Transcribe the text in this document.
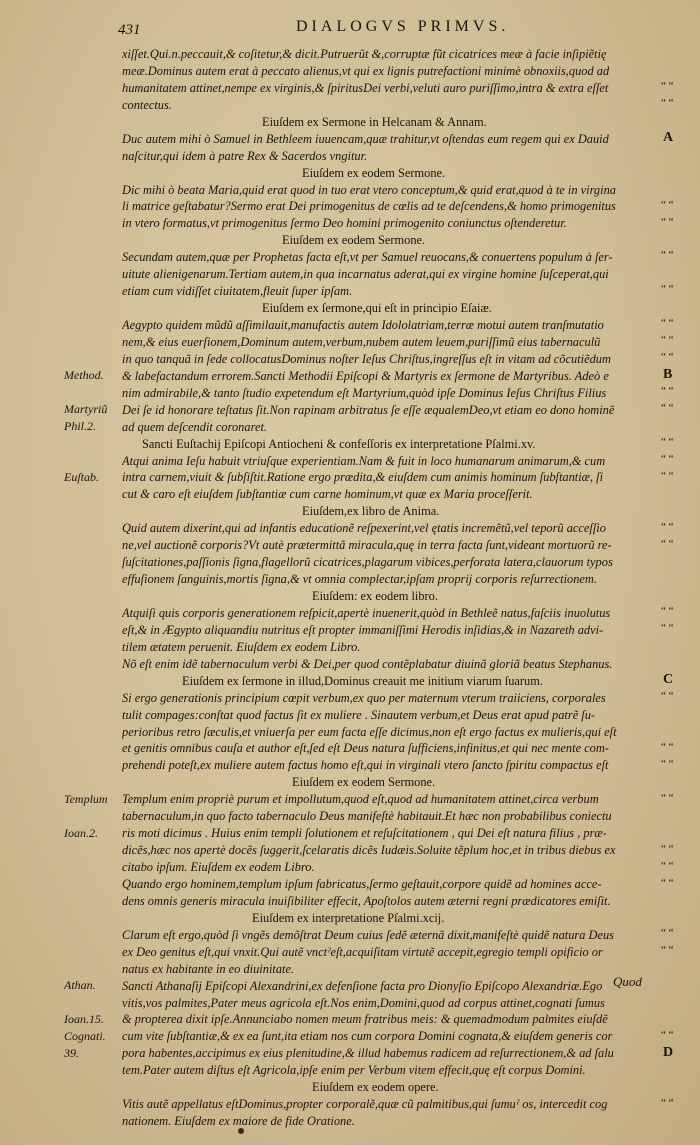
431	DIALOGVS PRIMVS.
xiſſet.Qui.n.peccauit,& coſitetur,& dicit.Putruerũt &,corruptæ fũt cicatrices meæ à facie inſipiẽtię
meæ.Dominus autem erat à peccato alienus,vt qui ex lignis putrefactioni minimè obnoxiis,quod ad
humanitatem attinet,nempe ex virginis,& ſpiritusDei verbi,veluti auro puriſſimo,intra & extra eſſet
contectus.
Eiuſdem ex Sermone in Helcanam & Annam.
Duc autem mihi ò Samuel in Bethleem iuuencam,quæ trahitur,vt oſtendas eum regem qui ex Dauid
naſcitur,qui idem à patre Rex & Sacerdos vngitur.
Eiuſdem ex eodem Sermone.
Dic mihi ò beata Maria,quid erat quod in tuo erat vtero conceptum,& quid erat,quod à te in virgina
li matrice geſtabatur?Sermo erat Dei primogenitus de cœlis ad te deſcendens,& homo primogenitus
in vtero formatus,vt primogenitus ſermo Deo homini primogenito coniunctus oſtenderetur.
Eiuſdem ex eodem Sermone.
Secundam autem,quæ per Prophetas facta eſt,vt per Samuel reuocans,& conuertens populum à ſer-
uitute alienigenarum.Tertiam autem,in qua incarnatus aderat,qui ex virgine homine ſuſceperat,qui
etiam cum vidiſſet ciuitatem,fleuit ſuper ipſam.
Eiuſdem ex ſermone,qui eſt in principio Eſaiæ.
Aegypto quidem mũdũ aſſimilauit,manufactis autem Idololatriam,terræ motui autem tranſmutatio
nem,& eius euerſionem,Dominum autem,verbum,nubem autem leuem,puriſſimũ eius tabernaculũ
in quo tanquã in ſede collocatusDominus noſter Ieſus Chriſtus,ingreſſus eſt in vitam ad cõcutiẽdum
& labefactandum errorem.Sancti Methodii Epiſcopi & Martyris ex ſermone de Martyribus. Adeò e
nim admirabile,& tanto ſtudio expetendum eſt Martyrium,quòd ipſe Dominus Ieſus Chriſtus Filius
Dei ſe id honorare teſtatus ſit.Non rapinam arbitratus ſe eſſe æqualemDeo,vt etiam eo dono hominẽ
ad quem deſcendit coronaret.
Sancti Euſtachij Epiſcopi Antiocheni & confeſſoris ex interpretatione Pſalmi.xv.
Atqui anima Ieſu habuit vtriuſque experientiam.Nam & fuit in loco humanarum animarum,& cum
intra carnem,viuit & ſubſiſtit.Ratione ergo prædita,& eiuſdem cum animis hominum ſubſtantiæ, ſi
cut & caro eſt eiuſdem ſubſtantiæ cum carne hominum,vt quæ ex Maria proceſſerit.
Eiuſdem,ex libro de Anima.
Quid autem dixerint,qui ad infantis educationẽ reſpexerint,vel ętatis incremẽtũ,vel teporũ acceſſio
ne,vel auctionẽ corporis?Vt autè prætermittã miracula,quę in terra facta ſunt,videant mortuorũ re-
ſuſcitationes,paſſionis ſigna,flagellorũ cicatrices,plagarum vibices,perforata latera,clauorum typos
effuſionem ſanguinis,mortis ſigna,& vt omnia complectar,ipſam proprij corporis reſurrectionem.
Eiuſdem: ex eodem libro.
Atquiſi quis corporis generationem reſpicit,apertè inuenerit,quòd in Bethleẽ natus,faſciis inuolutus
eſt,& in Ægypto aliquandiu nutritus eſt propter immaniſſimi Herodis inſidias,& in Nazareth advi-
tilem ætatem peruenit. Eiuſdem ex eodem Libro.
Nõ eſt enim idẽ tabernaculum verbi & Dei,per quod contẽplabatur diuinã gloriã beatus Stephanus.
Eiuſdem ex ſermone in illud,Dominus creauit me initium viarum ſuarum.
Si ergo generationis principium cœpit verbum,ex quo per maternum vterum traiiciens, corporales
tulit compages:conſtat quod factus ſit ex muliere . Sinautem verbum,et Deus erat apud patrẽ ſu-
perioribus retro ſæculis,et vniuerſa per eum facta eſſe dicimus,non eſt ergo factus ex mulieris,qui eſt
et genitis omnibus cauſa et author eſt,ſed eſt Deus natura ſufficiens,infinitus,et qui nec mente com-
prehendi poteſt,ex muliere autem factus homo eſt,qui in virginali vtero ſancto ſpiritu compactus eſt
Eiuſdem ex eodem Sermone.
Templum enim propriè purum et impollutum,quod eſt,quod ad humanitatem attinet,circa verbum
tabernaculum,in quo facto tabernaculo Deus manifeſtè habitauit.Et hæc non probabilibus coniectu
ris moti dicimus . Huius enim templi ſolutionem et reſuſcitationem , qui Dei eſt natura filius , præ-
dicẽs,hæc nos apertè docẽs ſuggerit,ſcelaratis dicẽs Iudæis.Soluite tẽplum hoc,et in tribus diebus ex
citabo ipſum. Eiuſdem ex eodem Libro.
Quando ergo hominem,templum ipſum fabricatus,ſermo geſtauit,corpore quidẽ ad homines acce-
dens omnis generis miracula inuiſibiliter effecit, Apoſtolos autem æterni regni prædicatores emiſit.
Eiuſdem ex interpretatione Pſalmi.xcij.
Clarum eſt ergo,quòd ſi vngẽs demõſtrat Deum cuius ſedẽ æternã dixit,manifeſtè quidẽ natura Deus
ex Deo genitus eſt,qui vnxit.Qui autẽ vnctˀeſt,acquiſitam virtutẽ accepit,egregio templi opificio or
natus ex habitante in eo diuinitate.
Sancti Athanaſij Epiſcopi Alexandrini,ex defenſione facta pro Dionyſio Epiſcopo Alexandriæ.Ego
vitis,vos palmites,Pater meus agricola eſt.Nos enim,Domini,quod ad corpus attinet,cognati ſumus
& propterea dixit ipſe.Annunciabo nomen meum fratribus meis: & quemadmodum palmites eiuſdẽ
cum vite ſubſtantiæ,& ex ea ſunt,ita etiam nos cum corpora Domini cognata,& eiuſdem generis cor
pora habentes,accipimus ex eius plenitudine,& illud habemus radicem ad reſurrectionem,& ad ſalu
tem.Pater autem diſtus eſt Agricola,ipſe enim per Verbum vitem effecit,quę eſt corpus Domini.
Eiuſdem ex eodem opere.
Vitis autẽ appellatus eſtDominus,propter corporalẽ,quæ cũ palmitibus,qui ſumuˀ os, intercedit cog
nationem. Eiuſdem ex maiore de fide Oratione.
Method.
Martyriũ
Phil.2.
Euſtab.
Templum
Ioan.2.
Athan.
Ioan.15.
Cognati.
39.
A
B
C
D
“ “
“ “
“ “
“ “
“ “
“ “
“ “
“ “
“ “
“ “
“ “
“ “
“ “
“ “
“ “
“ “
“ “
“ “
“ “
“ “
“ “
“ “
“ “
“ “
“ “
“ “
“ “
“ “
“ “
Quod
